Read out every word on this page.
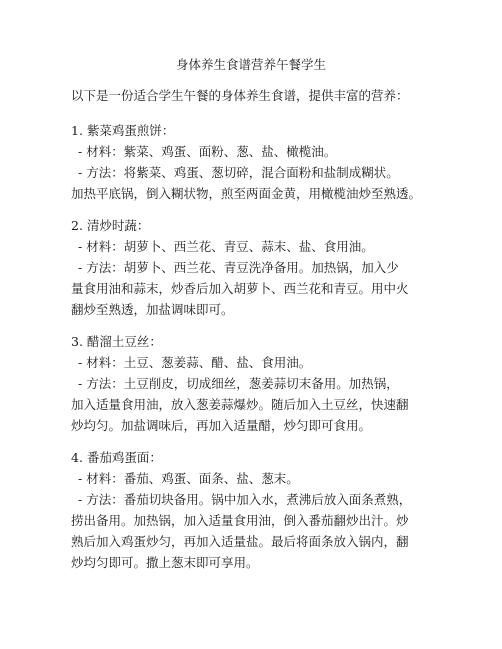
身体养生食谱营养午餐学生
以下是一份适合学生午餐的身体养生食谱，提供丰富的营养：
1. 紫菜鸡蛋煎饼：
- 材料：紫菜、鸡蛋、面粉、葱、盐、橄榄油。
- 方法：将紫菜、鸡蛋、葱切碎，混合面粉和盐制成糊状。
加热平底锅，倒入糊状物，煎至两面金黄，用橄榄油炒至熟透。
2. 清炒时蔬：
- 材料：胡萝卜、西兰花、青豆、蒜末、盐、食用油。
- 方法：胡萝卜、西兰花、青豆洗净备用。加热锅，加入少
量食用油和蒜末，炒香后加入胡萝卜、西兰花和青豆。用中火
翻炒至熟透，加盐调味即可。
3. 醋溜土豆丝：
- 材料：土豆、葱姜蒜、醋、盐、食用油。
- 方法：土豆削皮，切成细丝，葱姜蒜切末备用。加热锅，
加入适量食用油，放入葱姜蒜爆炒。随后加入土豆丝，快速翻
炒均匀。加盐调味后，再加入适量醋，炒匀即可食用。
4. 番茄鸡蛋面：
- 材料：番茄、鸡蛋、面条、盐、葱末。
- 方法：番茄切块备用。锅中加入水，煮沸后放入面条煮熟，
捞出备用。加热锅，加入适量食用油，倒入番茄翻炒出汁。炒
熟后加入鸡蛋炒匀，再加入适量盐。最后将面条放入锅内，翻
炒均匀即可。撒上葱末即可享用。
